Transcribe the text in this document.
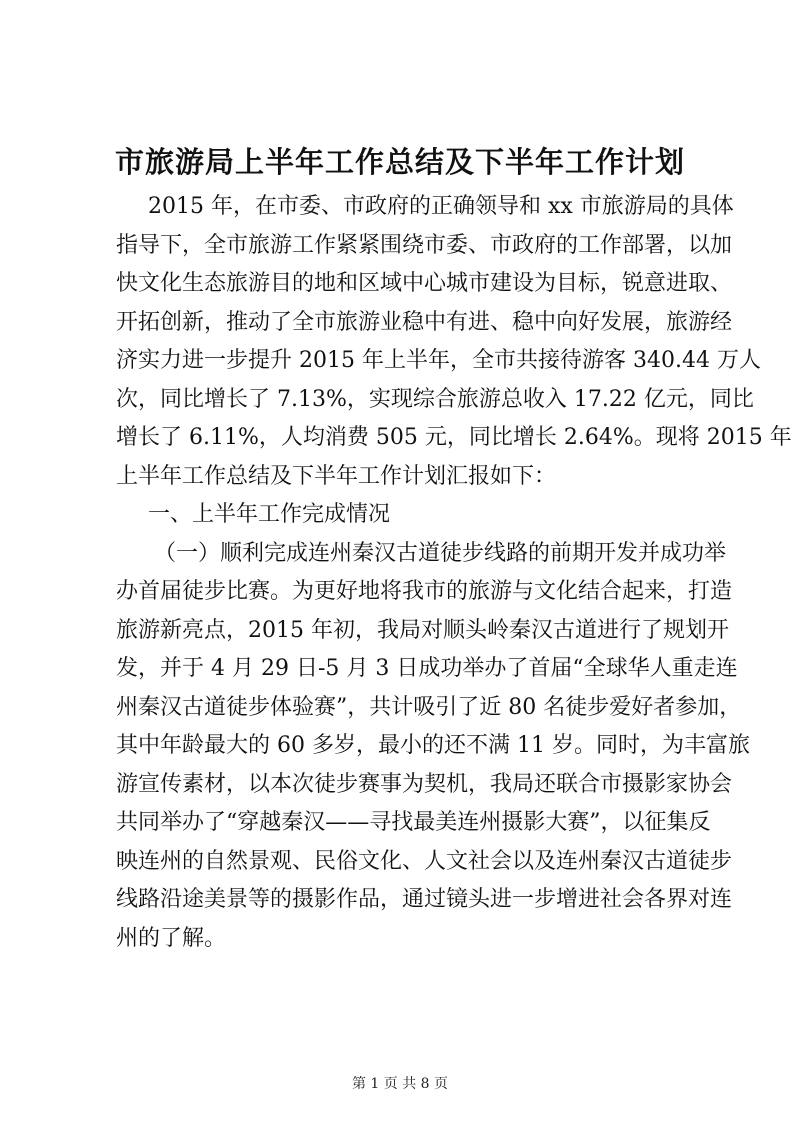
市旅游局上半年工作总结及下半年工作计划
2015 年，在市委、市政府的正确领导和 xx 市旅游局的具体
指导下，全市旅游工作紧紧围绕市委、市政府的工作部署，以加
快文化生态旅游目的地和区域中心城市建设为目标，锐意进取、
开拓创新，推动了全市旅游业稳中有进、稳中向好发展，旅游经
济实力进一步提升 2015 年上半年，全市共接待游客 340.44 万人
次，同比增长了 7.13%，实现综合旅游总收入 17.22 亿元，同比
增长了 6.11%，人均消费 505 元，同比增长 2.64%。现将 2015 年
上半年工作总结及下半年工作计划汇报如下：
一、上半年工作完成情况
（一）顺利完成连州秦汉古道徒步线路的前期开发并成功举
办首届徒步比赛。为更好地将我市的旅游与文化结合起来，打造
旅游新亮点，2015 年初，我局对顺头岭秦汉古道进行了规划开
发，并于 4 月 29 日-5 月 3 日成功举办了首届“全球华人重走连
州秦汉古道徒步体验赛”，共计吸引了近 80 名徒步爱好者参加，
其中年龄最大的 60 多岁，最小的还不满 11 岁。同时，为丰富旅
游宣传素材，以本次徒步赛事为契机，我局还联合市摄影家协会
共同举办了“穿越秦汉——寻找最美连州摄影大赛”，以征集反
映连州的自然景观、民俗文化、人文社会以及连州秦汉古道徒步
线路沿途美景等的摄影作品，通过镜头进一步增进社会各界对连
州的了解。
第 1 页 共 8 页
